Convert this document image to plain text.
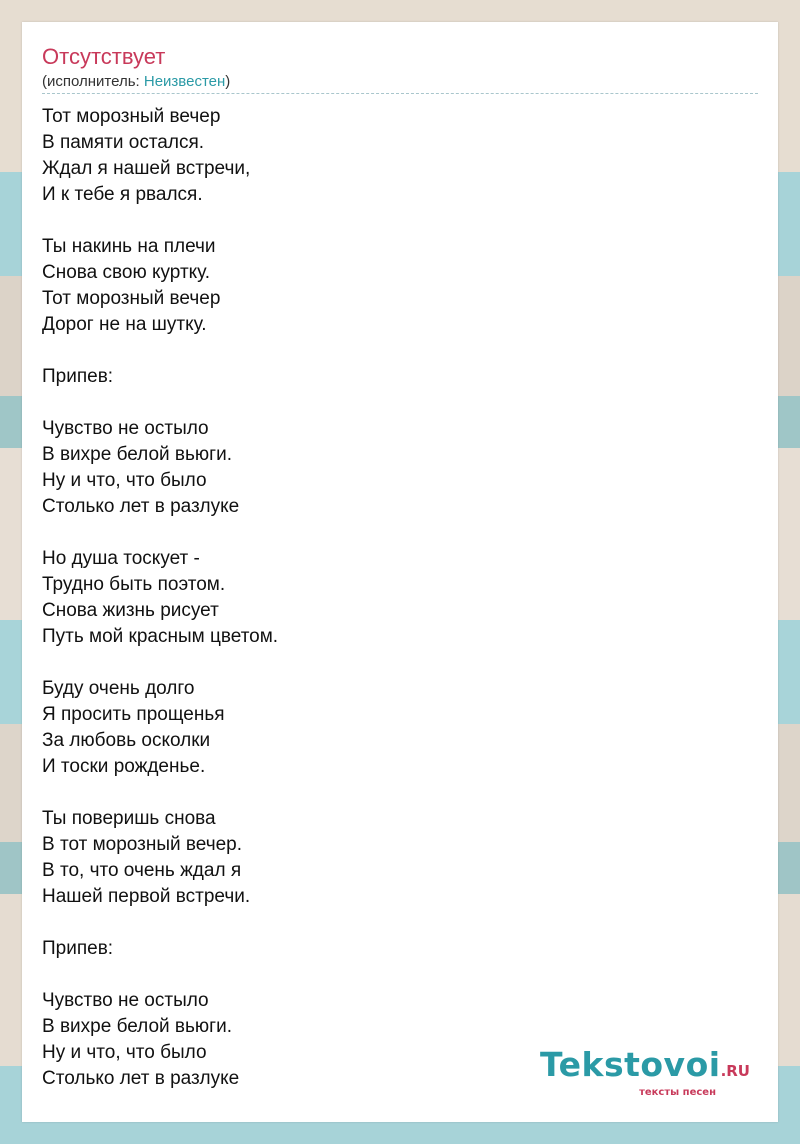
Отсутствует
(исполнитель: Неизвестен)
Тот морозный вечер
В памяти остался.
Ждал я нашей встречи,
И к тебе я рвался.
Ты накинь на плечи
Снова свою куртку.
Тот морозный вечер
Дорог не на шутку.
Припев:
Чувство не остыло
В вихре белой вьюги.
Ну и что, что было
Столько лет в разлуке
Но душа тоскует -
Трудно быть поэтом.
Снова жизнь рисует
Путь мой красным цветом.
Буду очень долго
Я просить прощенья
За любовь осколки
И тоски рожденье.
Ты поверишь снова
В тот морозный вечер.
В то, что очень ждал я
Нашей первой встречи.
Припев:
Чувство не остыло
В вихре белой вьюги.
Ну и что, что было
Столько лет в разлуке	Tekstovoi.RU
тексты песен
